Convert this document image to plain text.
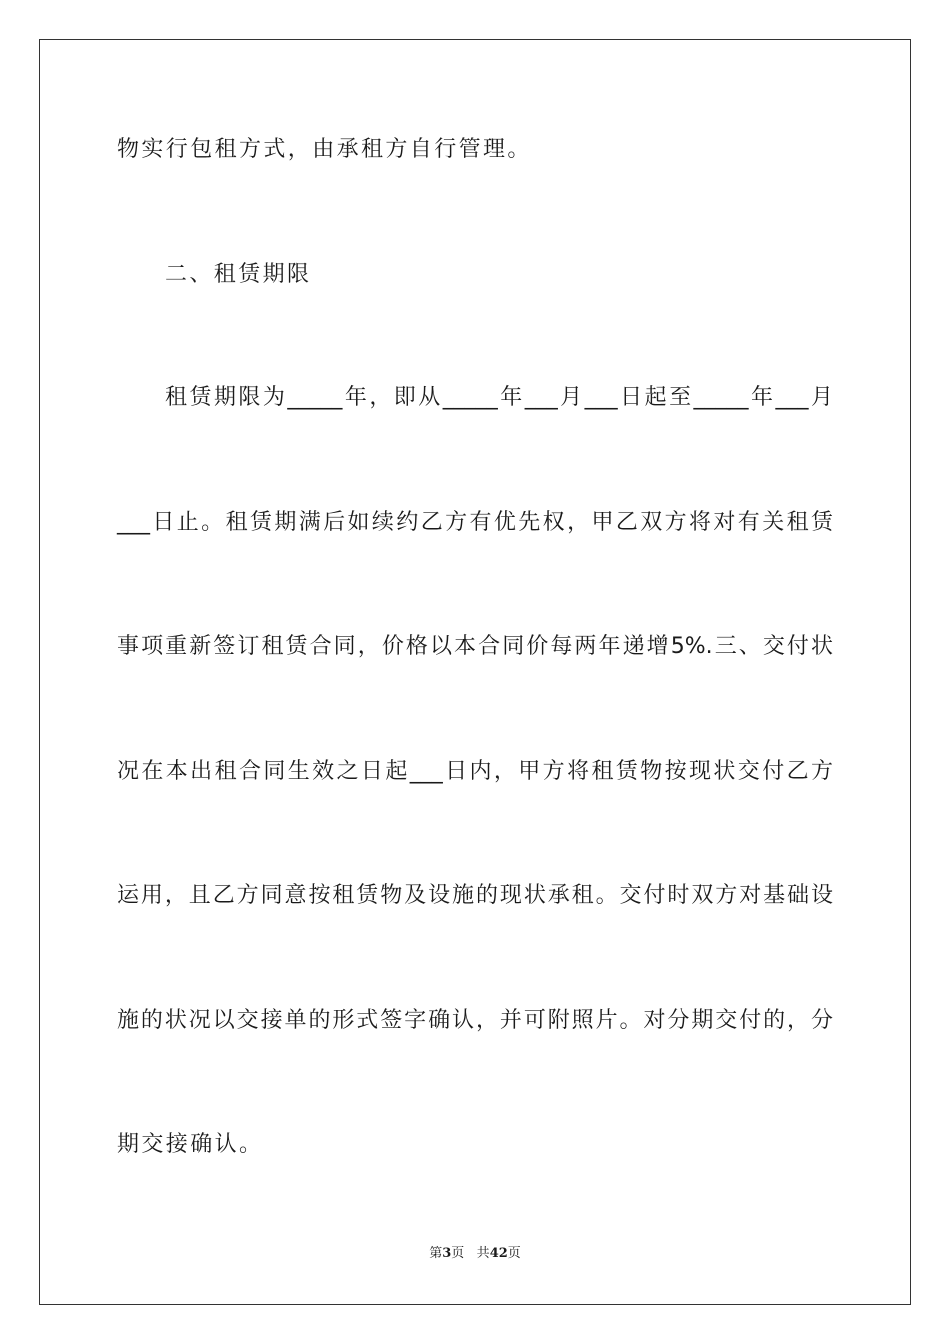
物实行包租方式，由承租方自行管理。
二、租赁期限
租赁期限为_____年，即从_____年___月___日起至_____年___月
___日止。租赁期满后如续约乙方有优先权，甲乙双方将对有关租赁
事项重新签订租赁合同，价格以本合同价每两年递增5%.三、交付状
况在本出租合同生效之日起___日内，甲方将租赁物按现状交付乙方
运用，且乙方同意按租赁物及设施的现状承租。交付时双方对基础设
施的状况以交接单的形式签字确认，并可附照片。对分期交付的，分
期交接确认。
第3页 共42页
